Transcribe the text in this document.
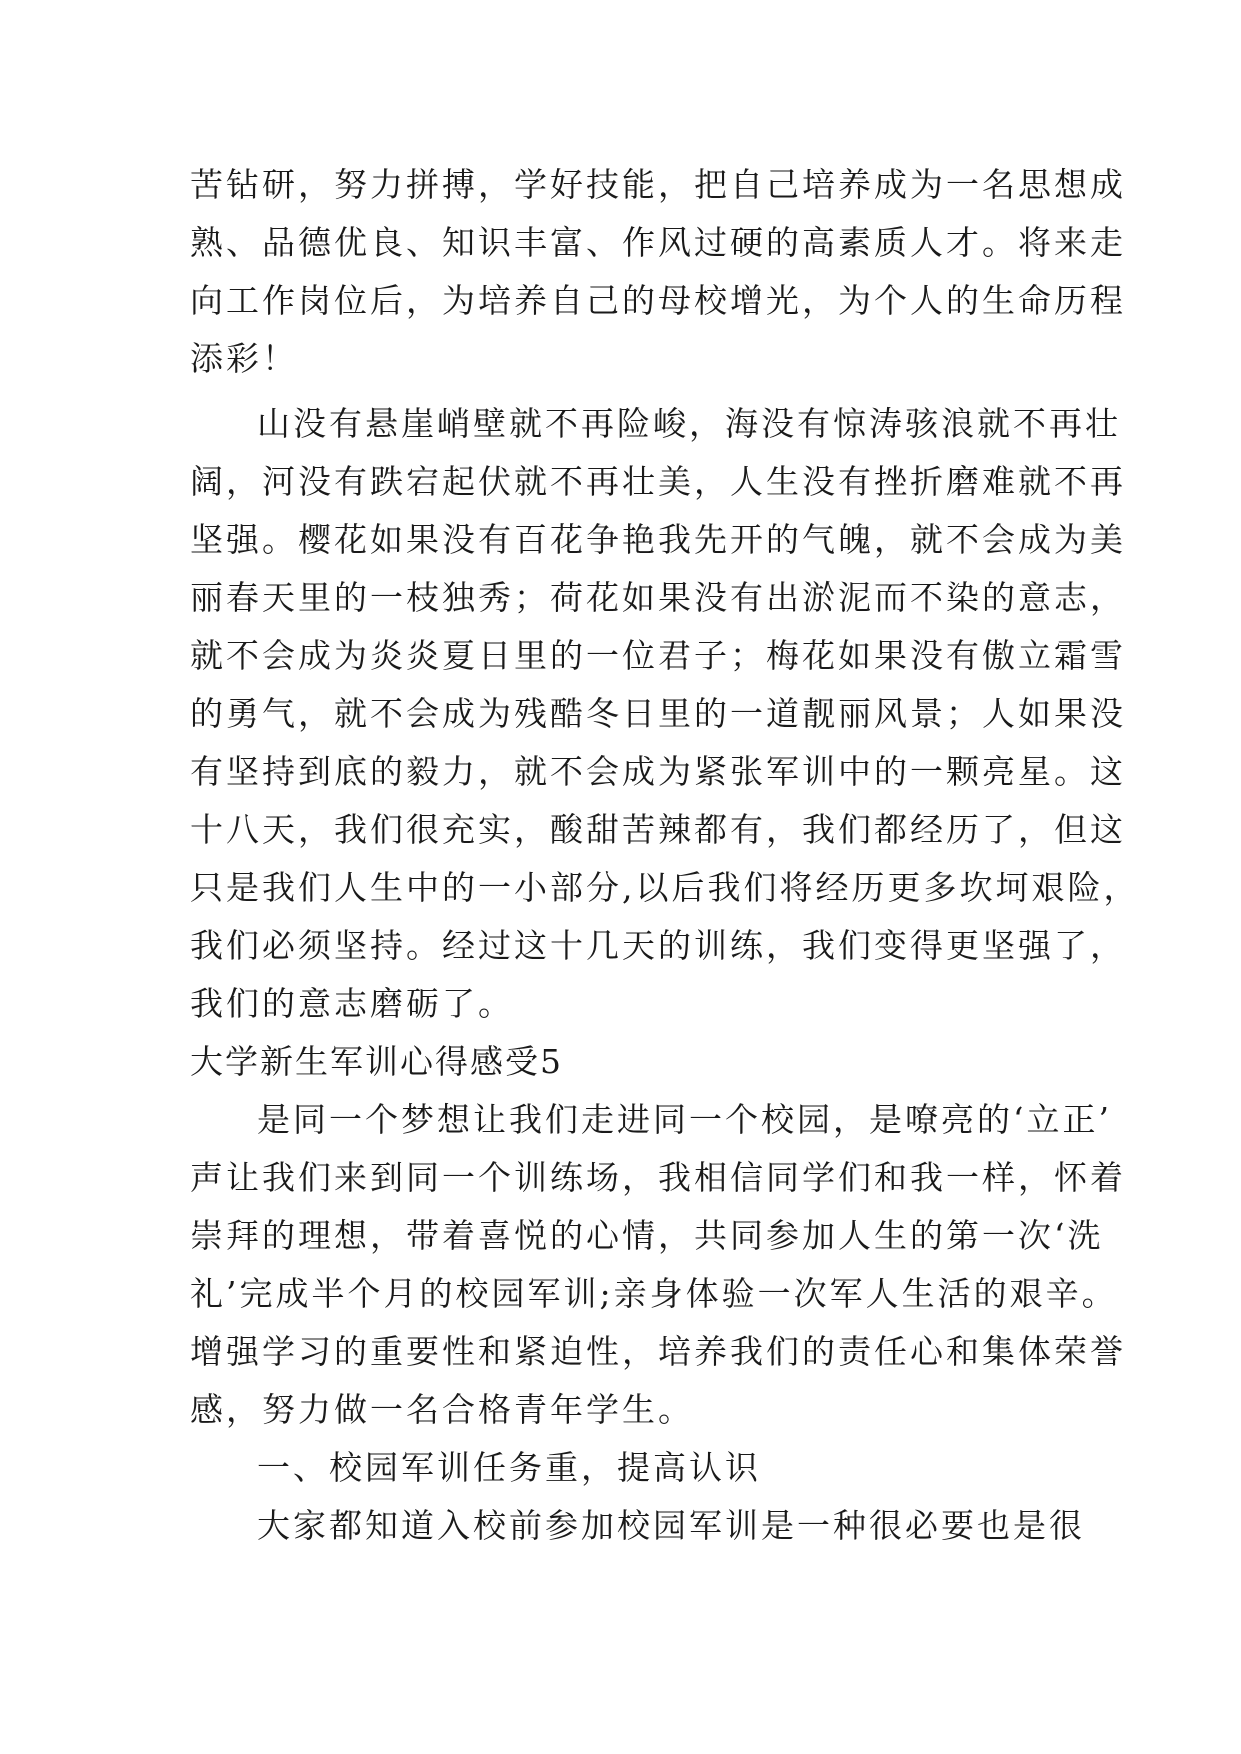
苦钻研，努力拼搏，学好技能，把自己培养成为一名思想成
熟、品德优良、知识丰富、作风过硬的高素质人才。将来走
向工作岗位后，为培养自己的母校增光，为个人的生命历程
添彩！
山没有悬崖峭壁就不再险峻，海没有惊涛骇浪就不再壮
阔，河没有跌宕起伏就不再壮美，人生没有挫折磨难就不再
坚强。樱花如果没有百花争艳我先开的气魄，就不会成为美
丽春天里的一枝独秀；荷花如果没有出淤泥而不染的意志，
就不会成为炎炎夏日里的一位君子；梅花如果没有傲立霜雪
的勇气，就不会成为残酷冬日里的一道靓丽风景；人如果没
有坚持到底的毅力，就不会成为紧张军训中的一颗亮星。这
十八天，我们很充实，酸甜苦辣都有，我们都经历了，但这
只是我们人生中的一小部分,以后我们将经历更多坎坷艰险，
我们必须坚持。经过这十几天的训练，我们变得更坚强了，
我们的意志磨砺了。
大学新生军训心得感受5
是同一个梦想让我们走进同一个校园，是嘹亮的‘立正’
声让我们来到同一个训练场，我相信同学们和我一样，怀着
崇拜的理想，带着喜悦的心情，共同参加人生的第一次‘洗
礼’完成半个月的校园军训;亲身体验一次军人生活的艰辛。
增强学习的重要性和紧迫性，培养我们的责任心和集体荣誉
感，努力做一名合格青年学生。
一、校园军训任务重，提高认识
大家都知道入校前参加校园军训是一种很必要也是很
